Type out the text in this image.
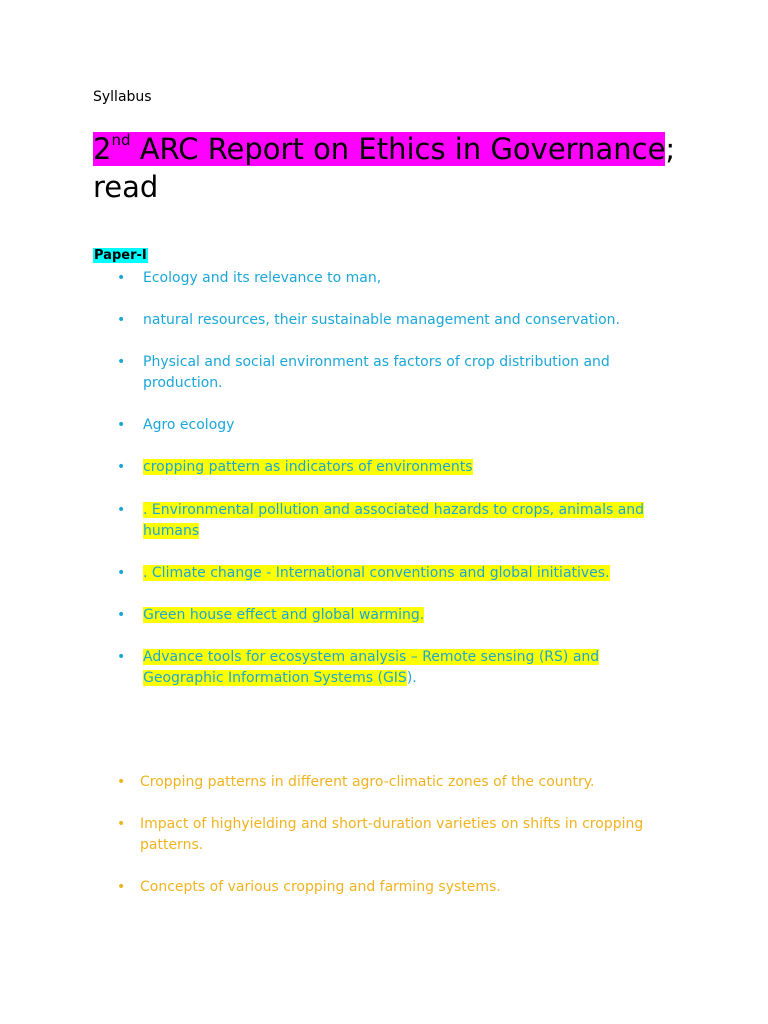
Syllabus
2nd ARC Report on Ethics in Governance; read
Paper-I
•	Ecology and its relevance to man,
•	natural resources, their sustainable management and conservation.
•	Physical and social environment as factors of crop distribution and production.
•	Agro ecology
•	cropping pattern as indicators of environments
•	. Environmental pollution and associated hazards to crops, animals and humans
•	. Climate change - International conventions and global initiatives.
•	Green house effect and global warming.
•	Advance tools for ecosystem analysis – Remote sensing (RS) and Geographic Information Systems (GIS).
•	Cropping patterns in different agro-climatic zones of the country.
•	Impact of highyielding and short-duration varieties on shifts in cropping patterns.
•	Concepts of various cropping and farming systems.
